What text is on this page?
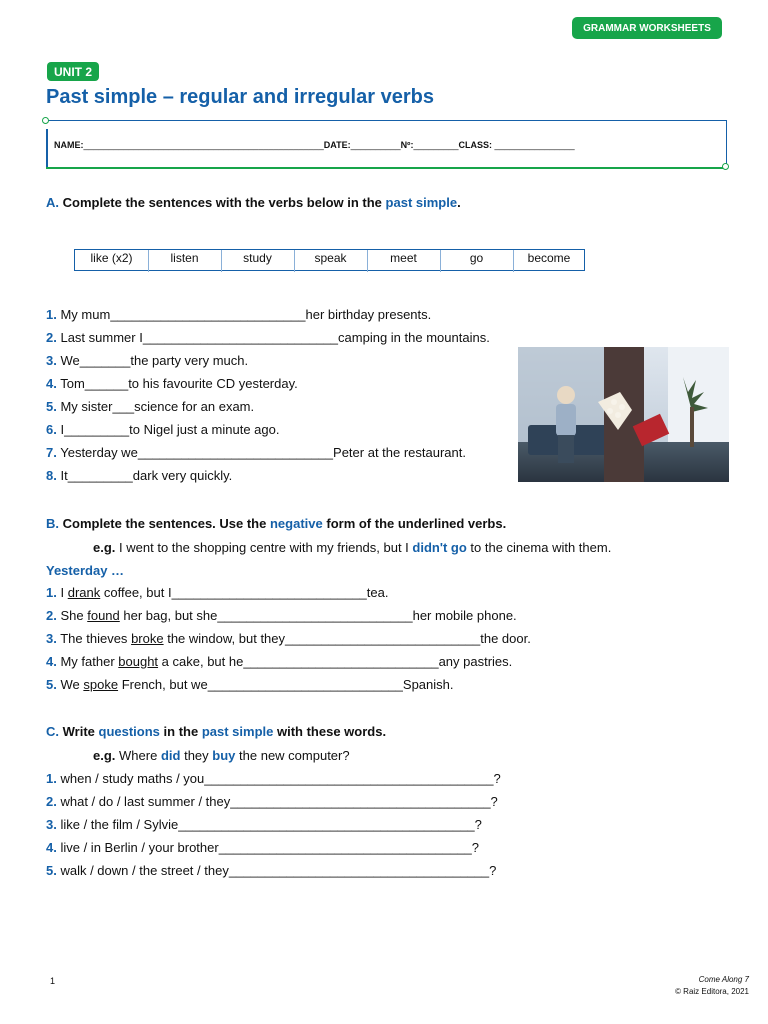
GRAMMAR WORKSHEETS
UNIT 2
Past simple – regular and irregular verbs
NAME:________________________________________________DATE:__________Nº:_________CLASS: ________________
A. Complete the sentences with the verbs below in the past simple.
like (x2)	listen	study	speak	meet	go	become
1. My mum___________________________her birthday presents.
2. Last summer I___________________________camping in the mountains.
3. We_______the party very much.
4. Tom______to his favourite CD yesterday.
5. My sister___science for an exam.
6. I_________to Nigel just a minute ago.
7. Yesterday we___________________________Peter at the restaurant.
8. It_________dark very quickly.
B. Complete the sentences. Use the negative form of the underlined verbs.
e.g. I went to the shopping centre with my friends, but I didn't go to the cinema with them.
Yesterday …
1. I drank coffee, but I___________________________tea.
2. She found her bag, but she___________________________her mobile phone.
3. The thieves broke the window, but they___________________________the door.
4. My father bought a cake, but he___________________________any pastries.
5. We spoke French, but we___________________________Spanish.
C. Write questions in the past simple with these words.
e.g. Where did they buy the new computer?
1. when / study maths / you________________________________________?
2. what / do / last summer / they____________________________________?
3. like / the film / Sylvie_________________________________________?
4. live / in Berlin / your brother___________________________________?
5. walk / down / the street / they____________________________________?
1	Come Along 7
© Raiz Editora, 2021
